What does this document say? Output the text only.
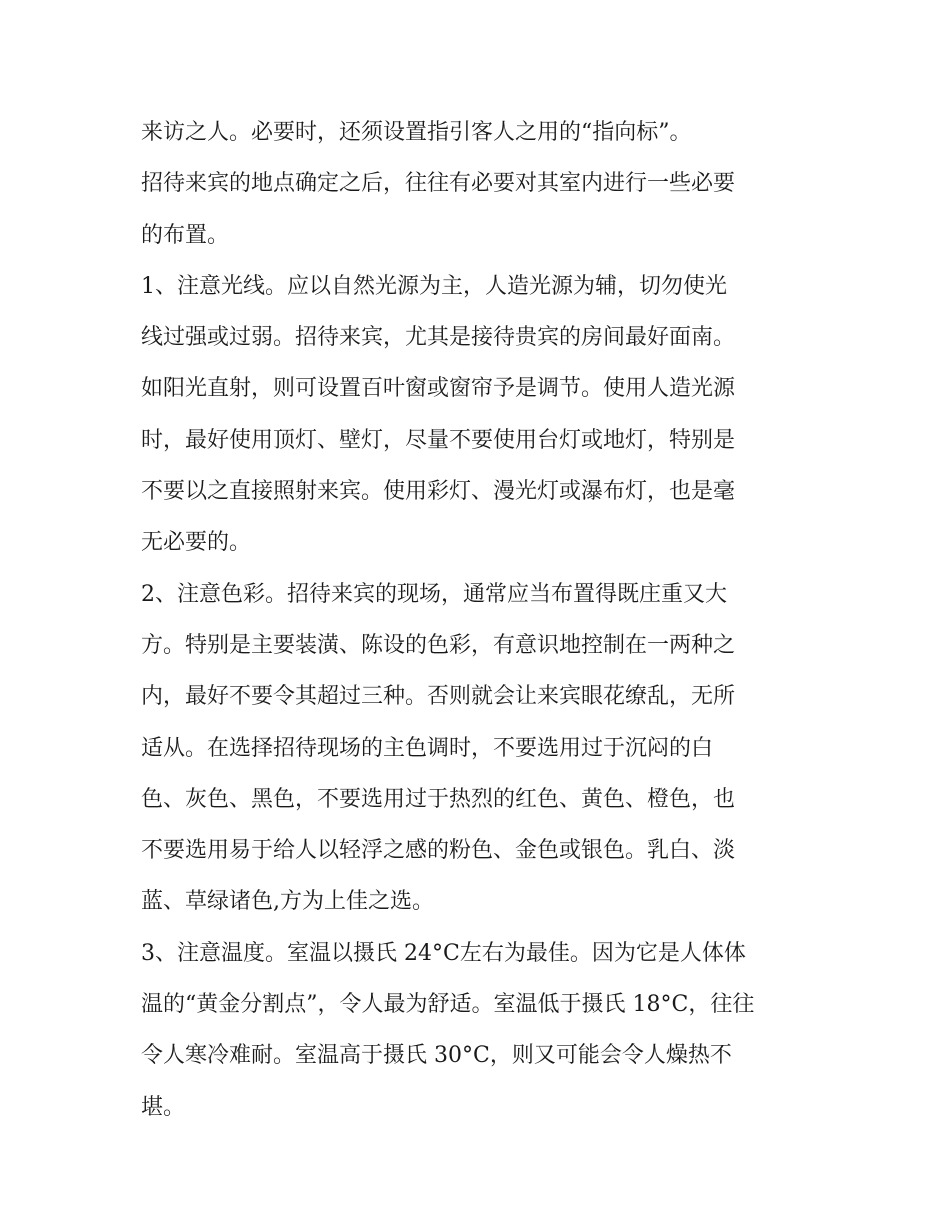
来访之人。必要时，还须设置指引客人之用的“指向标”。
招待来宾的地点确定之后，往往有必要对其室内进行一些必要
的布置。
1、注意光线。应以自然光源为主，人造光源为辅，切勿使光
线过强或过弱。招待来宾，尤其是接待贵宾的房间最好面南。
如阳光直射，则可设置百叶窗或窗帘予是调节。使用人造光源
时，最好使用顶灯、壁灯，尽量不要使用台灯或地灯，特别是
不要以之直接照射来宾。使用彩灯、漫光灯或瀑布灯，也是毫
无必要的。
2、注意色彩。招待来宾的现场，通常应当布置得既庄重又大
方。特别是主要装潢、陈设的色彩，有意识地控制在一两种之
内，最好不要令其超过三种。否则就会让来宾眼花缭乱，无所
适从。在选择招待现场的主色调时，不要选用过于沉闷的白
色、灰色、黑色，不要选用过于热烈的红色、黄色、橙色，也
不要选用易于给人以轻浮之感的粉色、金色或银色。乳白、淡
蓝、草绿诸色,方为上佳之选。
3、注意温度。室温以摄氏 24°C左右为最佳。因为它是人体体
温的“黄金分割点”，令人最为舒适。室温低于摄氏 18°C，往往
令人寒冷难耐。室温高于摄氏 30°C，则又可能会令人燥热不
堪。
